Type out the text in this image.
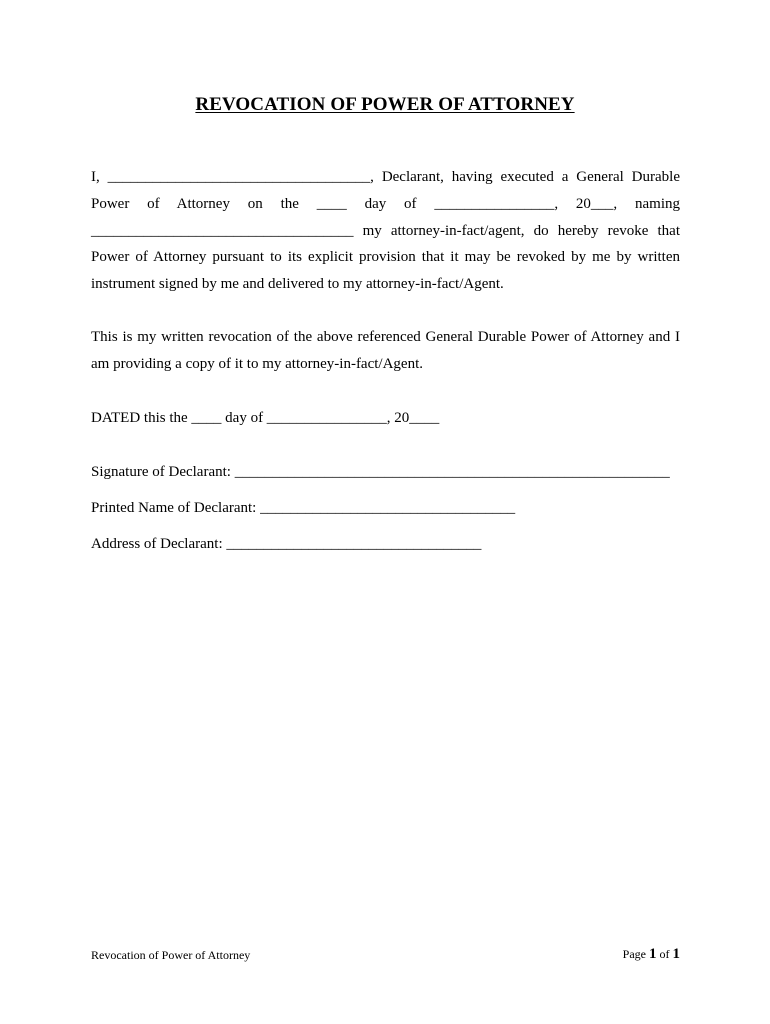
REVOCATION OF POWER OF ATTORNEY
I, ___________________________________, Declarant, having executed a General Durable Power of Attorney on the ____ day of ________________, 20___, naming ___________________________________ my attorney-in-fact/agent, do hereby revoke that Power of Attorney pursuant to its explicit provision that it may be revoked by me by written instrument signed by me and delivered to my attorney-in-fact/Agent.
This is my written revocation of the above referenced General Durable Power of Attorney and I am providing a copy of it to my attorney-in-fact/Agent.
DATED this the ____ day of ________________, 20____
Signature of Declarant: __________________________________________________________
Printed Name of Declarant: __________________________________
Address of Declarant: __________________________________
Revocation of Power of Attorney	Page 1 of 1
